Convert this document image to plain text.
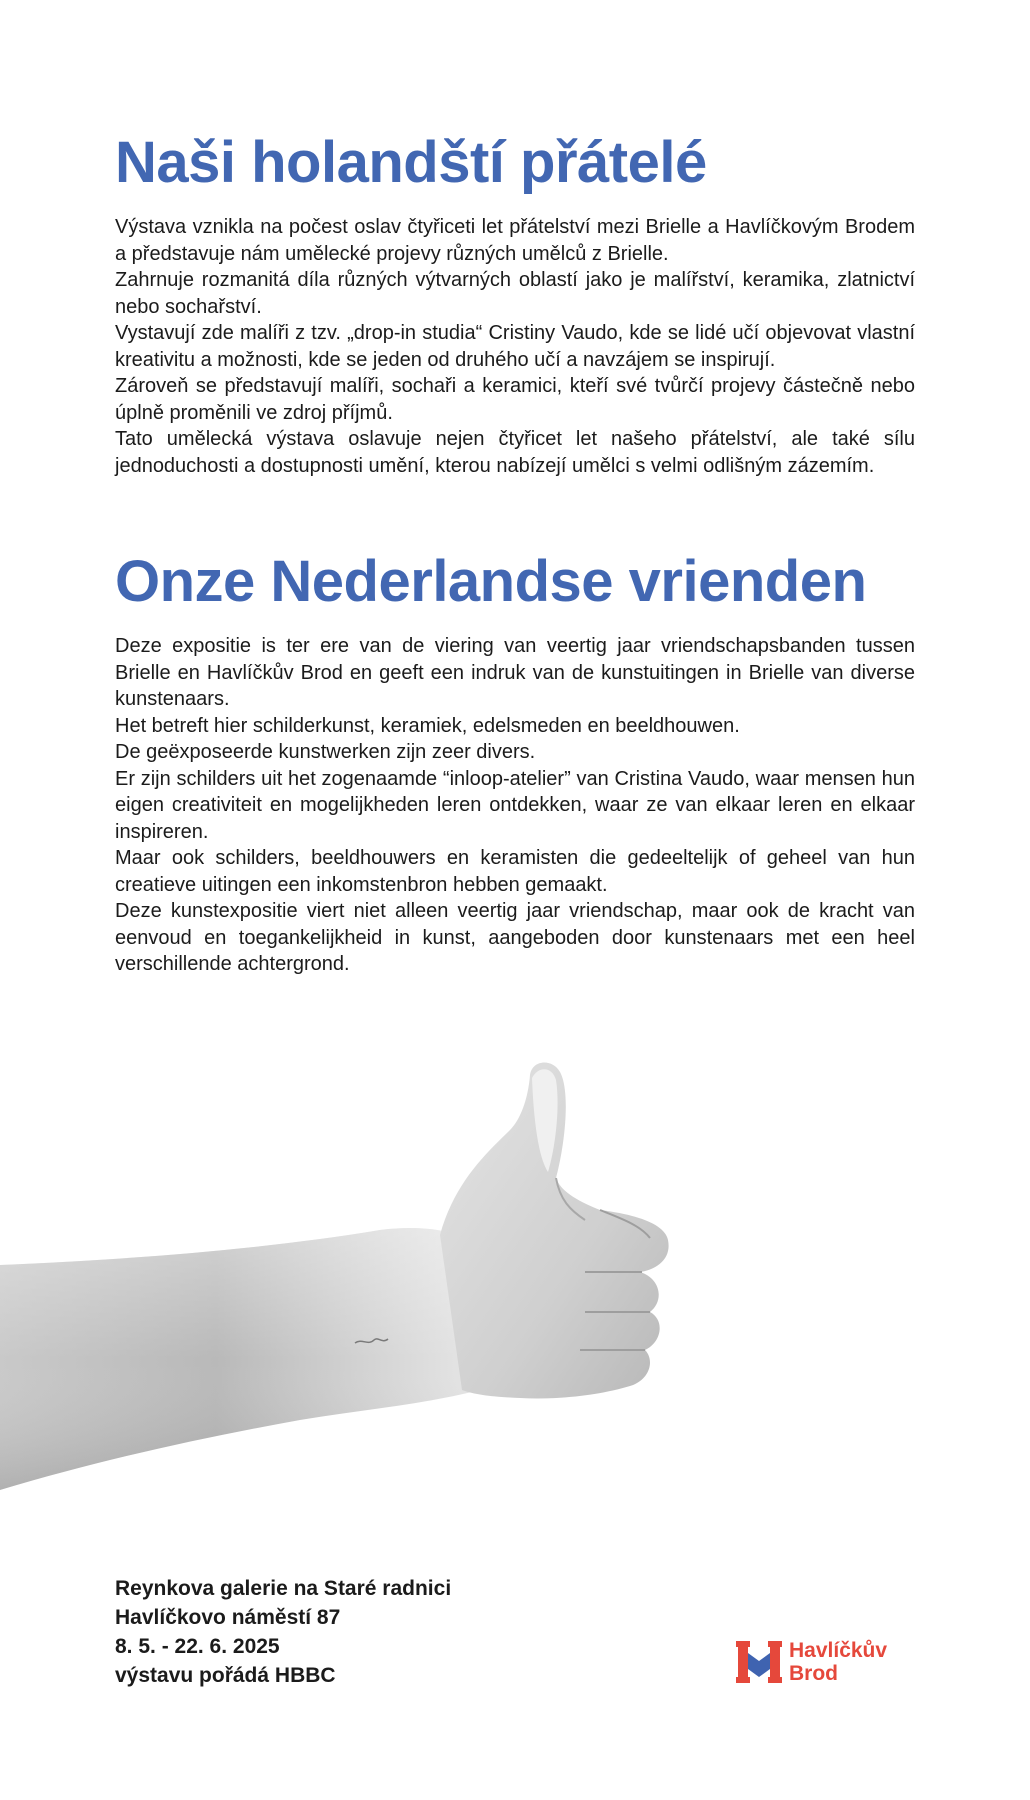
Naši holandští přátelé

Výstava vznikla na počest oslav čtyřiceti let přátelství mezi Brielle a Havlíčkovým Brodem a představuje nám umělecké projevy různých umělců z Brielle.

Zahrnuje rozmanitá díla různých výtvarných oblastí jako je malířství, keramika, zlatnictví nebo sochařství.

Vystavují zde malíři z tzv. „drop-in studia“ Cristiny Vaudo, kde se lidé učí objevovat vlastní kreativitu a možnosti, kde se jeden od druhého učí a navzájem se inspirují.

Zároveň se představují malíři, sochaři a keramici, kteří své tvůrčí projevy částečně nebo úplně proměnili ve zdroj příjmů.

Tato umělecká výstava oslavuje nejen čtyřicet let našeho přátelství, ale také sílu jednoduchosti a dostupnosti umění, kterou nabízejí umělci s velmi odlišným zázemím.

Onze Nederlandse vrienden

Deze expositie is ter ere van de viering van veertig jaar vriendschapsbanden tussen Brielle en Havlíčkův Brod en geeft een indruk van de kunstuitingen in Brielle van diverse kunstenaars.

Het betreft hier schilderkunst, keramiek, edelsmeden en beeldhouwen.

De geëxposeerde kunstwerken zijn zeer divers.

Er zijn schilders uit het zogenaamde “inloop-atelier” van Cristina Vaudo, waar mensen hun eigen creativiteit en mogelijkheden leren ontdekken, waar ze van elkaar leren en elkaar inspireren.

Maar ook schilders, beeldhouwers en keramisten die gedeeltelijk of geheel van hun creatieve uitingen een inkomstenbron hebben gemaakt.

Deze kunstexpositie viert niet alleen veertig jaar vriendschap, maar ook de kracht van eenvoud en toegankelijkheid in kunst, aangeboden door kunstenaars met een heel verschillende achtergrond.

Reynkova galerie na Staré radnici
Havlíčkovo náměstí 87
8. 5. - 22. 6. 2025
výstavu pořádá HBBC
Havlíčkův
Brod
